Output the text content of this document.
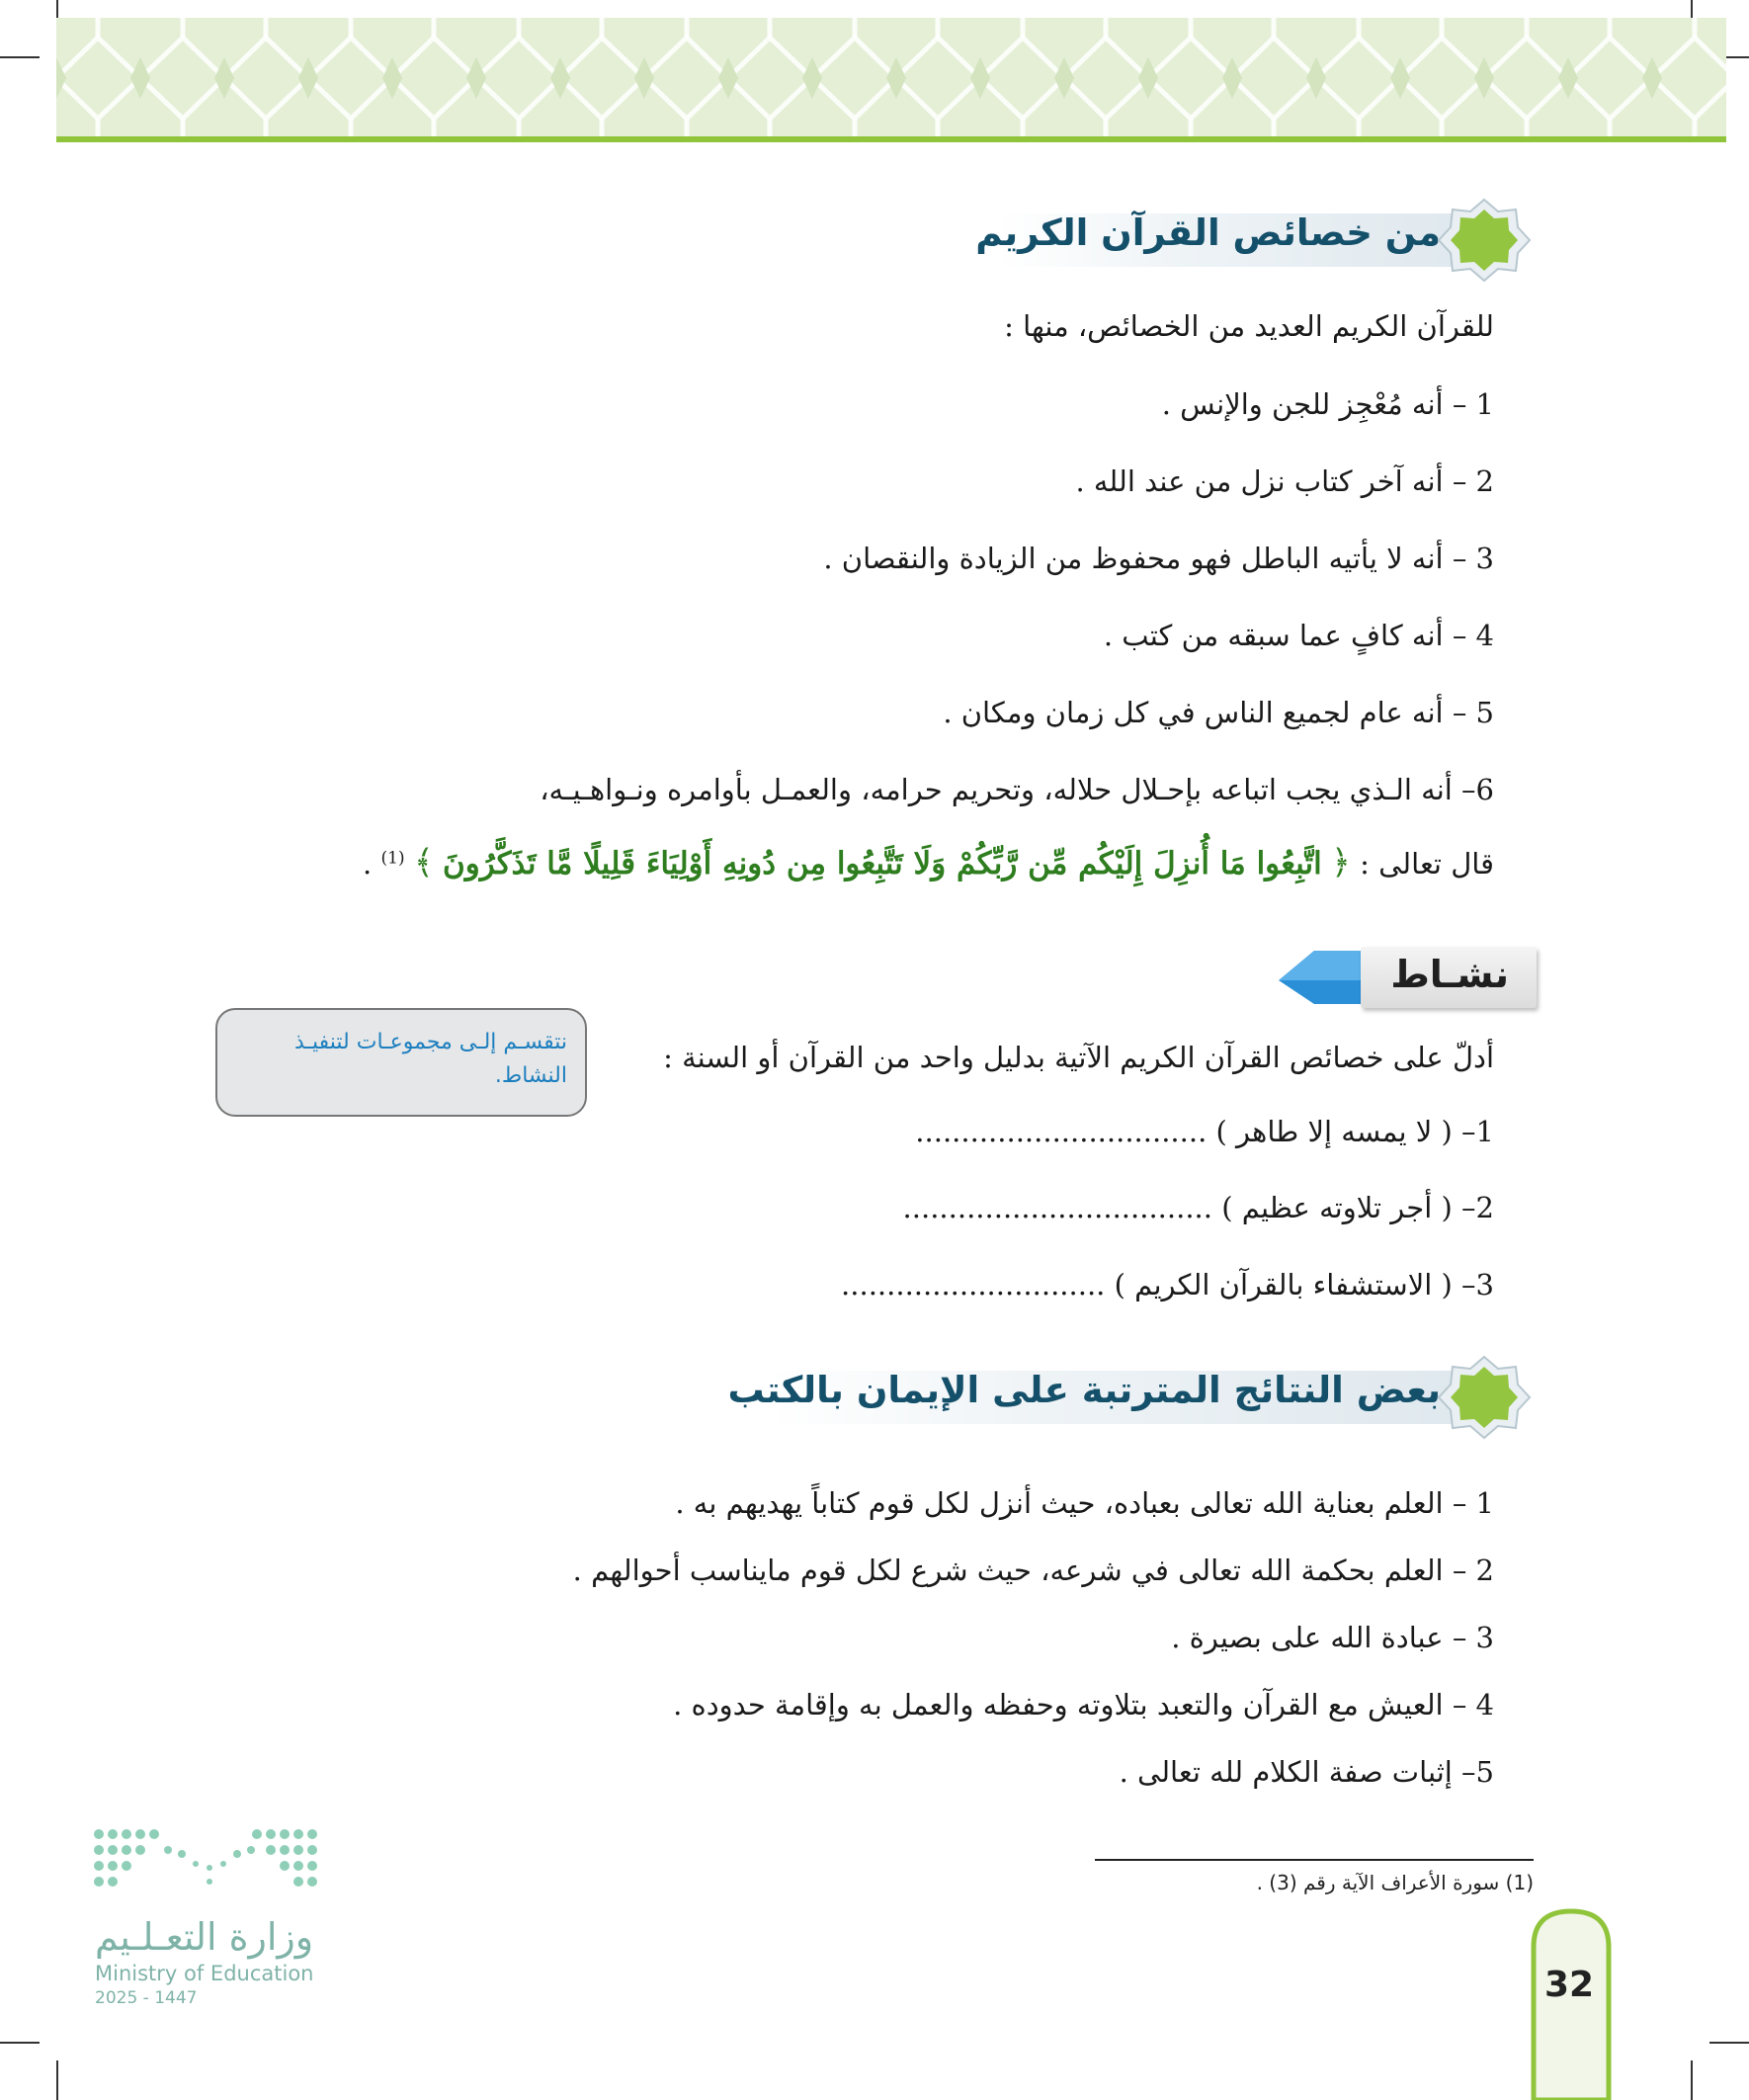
من خصائص القرآن الكريم
للقرآن الكريم العديد من الخصائص، منها :
1 – أنه مُعْجِز للجن والإنس .
2 – أنه آخر كتاب نزل من عند الله .
3 – أنه لا يأتيه الباطل فهو محفوظ من الزيادة والنقصان .
4 – أنه كافٍ عما سبقه من كتب .
5 – أنه عام لجميع الناس في كل زمان ومكان .
6– أنه الـذي يجب اتباعه بإحـلال حلاله، وتحريم حرامه، والعمـل بأوامره ونـواهـيـه،
قال تعالى : ﴿ اتَّبِعُوا مَا أُنزِلَ إِلَيْكُم مِّن رَّبِّكُمْ وَلَا تَتَّبِعُوا مِن دُونِهِ أَوْلِيَاءَ قَلِيلًا مَّا تَذَكَّرُونَ ﴾ $^{(1)}$ .
نشـاط
نتقسـم إلـى مجموعـات لتنفيـذ النشاط.
أدلّ على خصائص القرآن الكريم الآتية بدليل واحد من القرآن أو السنة :
1– ( لا يمسه إلا طاهر ) ................................
2– ( أجر تلاوته عظيم ) ..................................
3– ( الاستشفاء بالقرآن الكريم ) .............................
بعض النتائج المترتبة على الإيمان بالكتب
1 – العلم بعناية الله تعالى بعباده، حيث أنزل لكل قوم كتاباً يهديهم به .
2 – العلم بحكمة الله تعالى في شرعه، حيث شرع لكل قوم مايناسب أحوالهم .
3 – عبادة الله على بصيرة .
4 – العيش مع القرآن والتعبد بتلاوته وحفظه والعمل به وإقامة حدوده .
5– إثبات صفة الكلام لله تعالى .
(1) سورة الأعراف الآية رقم (3) .
وزارة التعـلـيم
Ministry of Education
2025 - 1447	32
